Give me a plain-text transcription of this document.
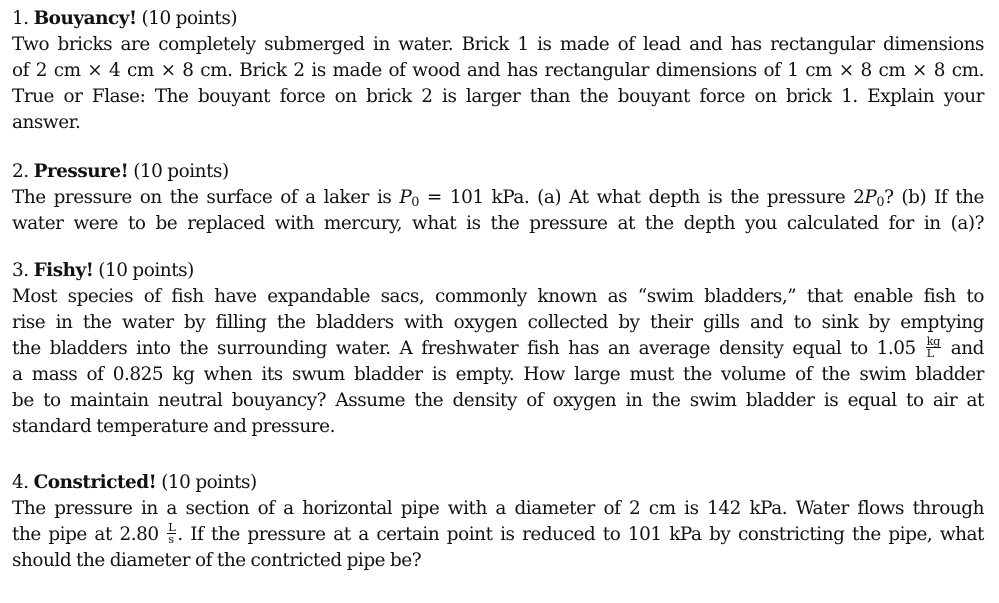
1. Bouyancy! (10 points)
Two bricks are completely submerged in water. Brick 1 is made of lead and has rectangular dimensions
of 2 cm × 4 cm × 8 cm. Brick 2 is made of wood and has rectangular dimensions of 1 cm × 8 cm × 8 cm.
True or Flase: The bouyant force on brick 2 is larger than the bouyant force on brick 1. Explain your
answer.
2. Pressure! (10 points)
The pressure on the surface of a laker is $P_0 = 101$ kPa. (a) At what depth is the pressure $2P_0$? (b) If the
water were to be replaced with mercury, what is the pressure at the depth you calculated for in (a)?
3. Fishy! (10 points)
Most species of fish have expandable sacs, commonly known as “swim bladders,” that enable fish to
rise in the water by filling the bladders with oxygen collected by their gills and to sink by emptying
the bladders into the surrounding water. A freshwater fish has an average density equal to $1.05 \frac{kg}{L}$ and
a mass of 0.825 kg when its swum bladder is empty. How large must the volume of the swim bladder
be to maintain neutral bouyancy? Assume the density of oxygen in the swim bladder is equal to air at
standard temperature and pressure.
4. Constricted! (10 points)
The pressure in a section of a horizontal pipe with a diameter of 2 cm is 142 kPa. Water flows through
the pipe at $2.80 \frac{L}{s}$ . If the pressure at a certain point is reduced to 101 kPa by constricting the pipe, what
should the diameter of the contricted pipe be?
